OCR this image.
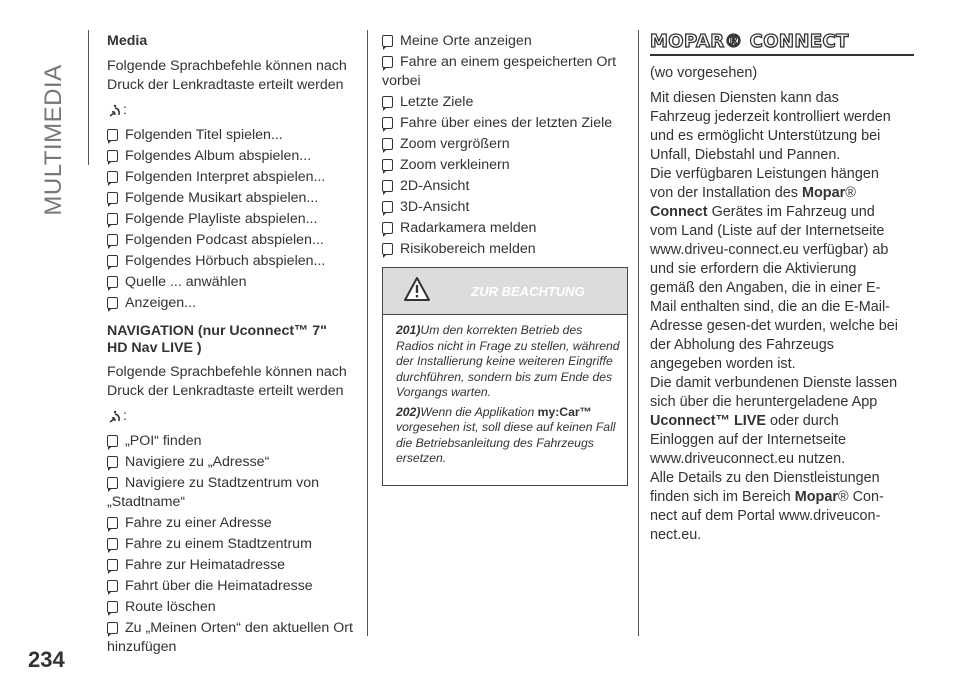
MULTIMEDIA
234
Media

Folgende Sprachbefehle können nach Druck der Lenkradtaste erteilt werden

:
Folgenden Titel spielen...
Folgendes Album abspielen...
Folgenden Interpret abspielen...
Folgende Musikart abspielen...
Folgende Playliste abspielen...
Folgenden Podcast abspielen...
Folgendes Hörbuch abspielen...
Quelle ... anwählen
Anzeigen...
NAVIGATION (nur Uconnect™ 7"
HD Nav LIVE )

Folgende Sprachbefehle können nach Druck der Lenkradtaste erteilt werden

:
„POI“ finden
Navigiere zu „Adresse“
Navigiere zu Stadtzentrum von „Stadtname“
Fahre zu einer Adresse
Fahre zu einem Stadtzentrum
Fahre zur Heimatadresse
Fahrt über die Heimatadresse
Route löschen
Zu „Meinen Orten“ den aktuellen Ort hinzufügen
Meine Orte anzeigen
Fahre an einem gespeicherten Ort vorbei
Letzte Ziele
Fahre über eines der letzten Ziele
Zoom vergrößern
Zoom verkleinern
2D-Ansicht
3D-Ansicht
Radarkamera melden
Risikobereich melden
ZUR BEACHTUNG

201)Um den korrekten Betrieb des Radios nicht in Frage zu stellen, während der Installierung keine weiteren Eingriffe durchführen, sondern bis zum Ende des Vorgangs warten.

202)Wenn die Applikation my:Car™ vorgesehen ist, soll diese auf keinen Fall die Betriebsanleitung des Fahrzeugs ersetzen.

MOPAR® CONNECT

(wo vorgesehen)

Mit diesen Diensten kann das Fahrzeug jederzeit kontrolliert werden und es ermöglicht Unterstützung bei Unfall, Diebstahl und Pannen.

Die verfügbaren Leistungen hängen von der Installation des Mopar® Connect Gerätes im Fahrzeug und vom Land (Liste auf der Internetseite www.driveu-connect.eu verfügbar) ab und sie erfordern die Aktivierung gemäß den Angaben, die in einer E-Mail enthalten sind, die an die E-Mail-Adresse gesen-det wurden, welche bei der Abholung des Fahrzeugs angegeben worden ist.

Die damit verbundenen Dienste lassen sich über die heruntergeladene App Uconnect™ LIVE oder durch Einloggen auf der Internetseite www.driveuconnect.eu nutzen.

Alle Details zu den Dienstleistungen finden sich im Bereich Mopar® Con-nect auf dem Portal www.driveucon-nect.eu.
